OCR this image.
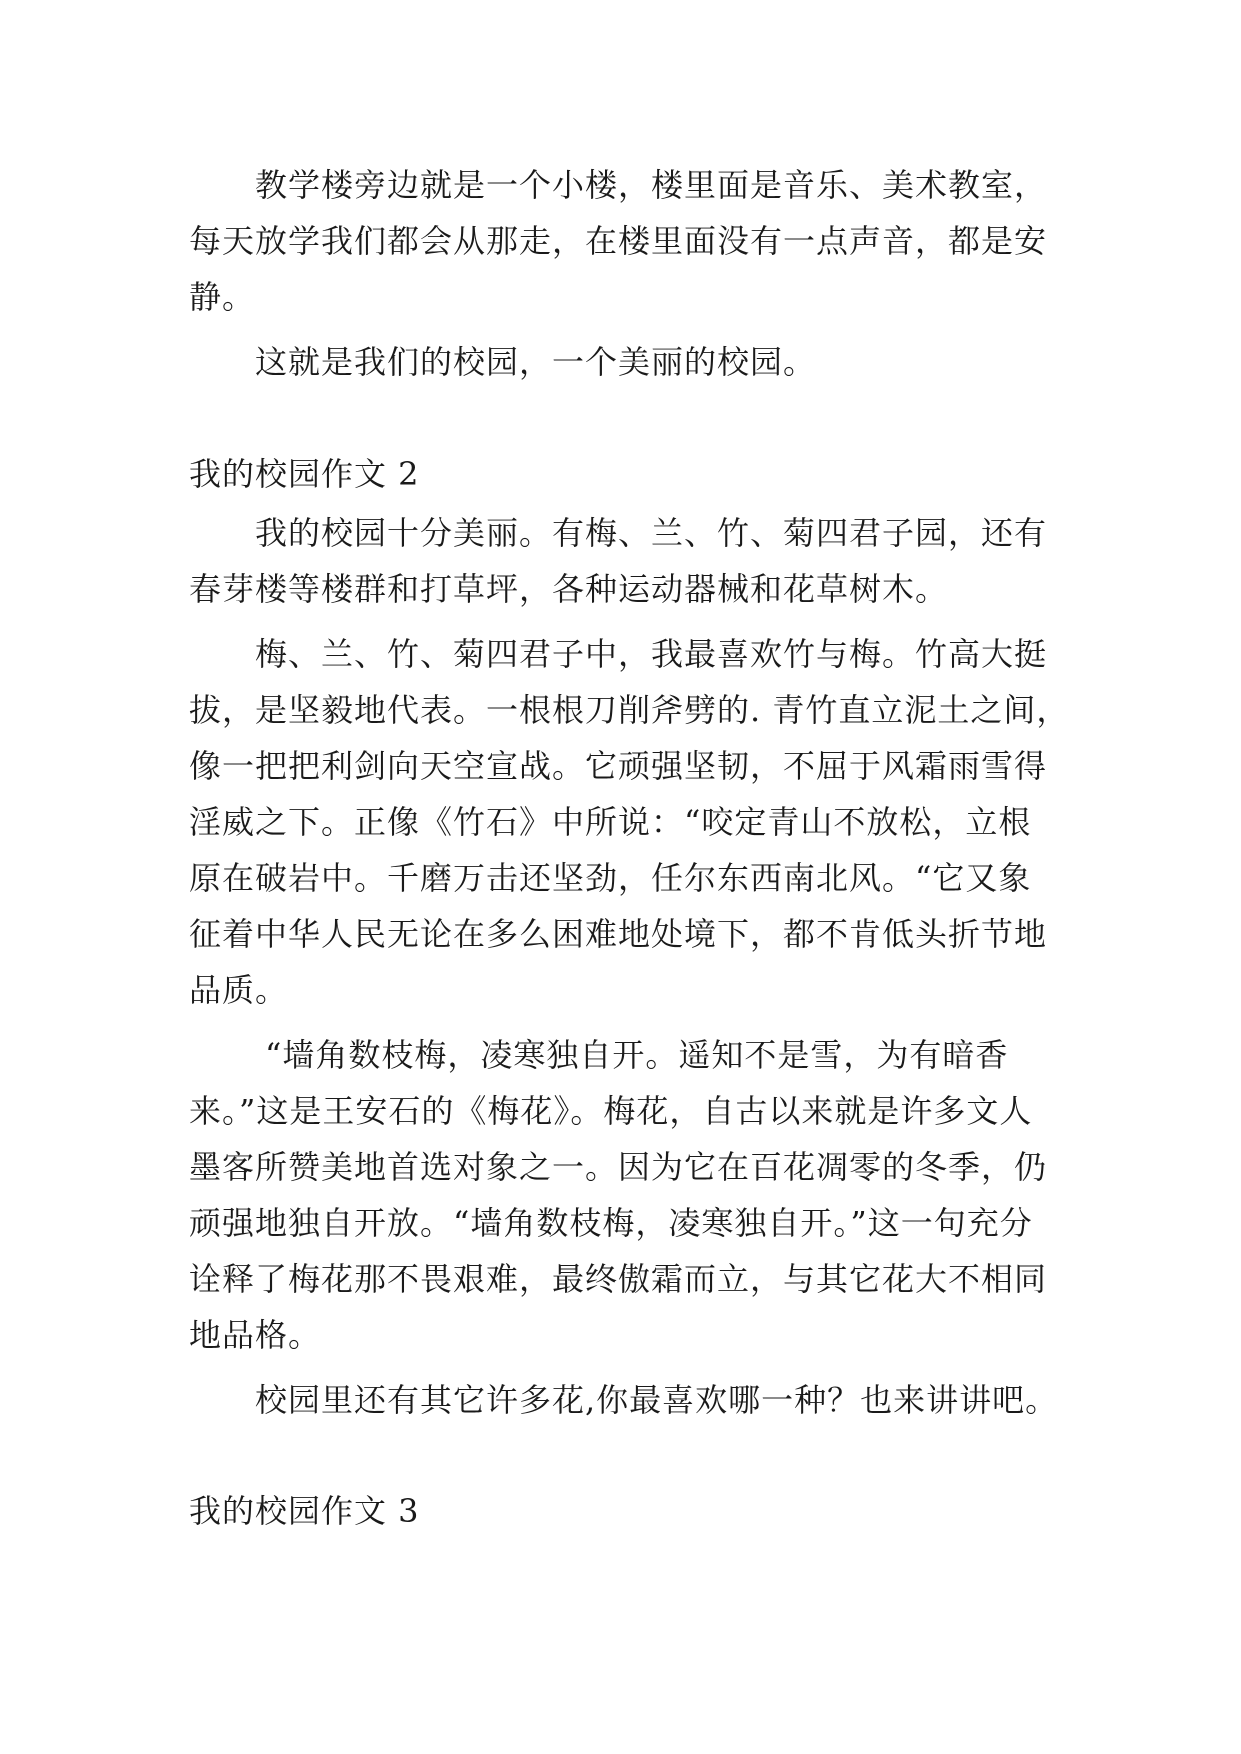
教学楼旁边就是一个小楼，楼里面是音乐、美术教室，
每天放学我们都会从那走，在楼里面没有一点声音，都是安
静。
这就是我们的校园，一个美丽的校园。
我的校园作文 2
我的校园十分美丽。有梅、兰、竹、菊四君子园，还有
春芽楼等楼群和打草坪，各种运动器械和花草树木。
梅、兰、竹、菊四君子中，我最喜欢竹与梅。竹高大挺
拔，是坚毅地代表。一根根刀削斧劈的. 青竹直立泥土之间，
像一把把利剑向天空宣战。它顽强坚韧，不屈于风霜雨雪得
淫威之下。正像《竹石》中所说：“咬定青山不放松，立根
原在破岩中。千磨万击还坚劲，任尔东西南北风。“它又象
征着中华人民无论在多么困难地处境下，都不肯低头折节地
品质。
“墙角数枝梅，凌寒独自开。遥知不是雪，为有暗香
来。”这是王安石的《梅花》。梅花，自古以来就是许多文人
墨客所赞美地首选对象之一。因为它在百花凋零的冬季，仍
顽强地独自开放。“墙角数枝梅，凌寒独自开。”这一句充分
诠释了梅花那不畏艰难，最终傲霜而立，与其它花大不相同
地品格。
校园里还有其它许多花,你最喜欢哪一种？也来讲讲吧。
我的校园作文 3
